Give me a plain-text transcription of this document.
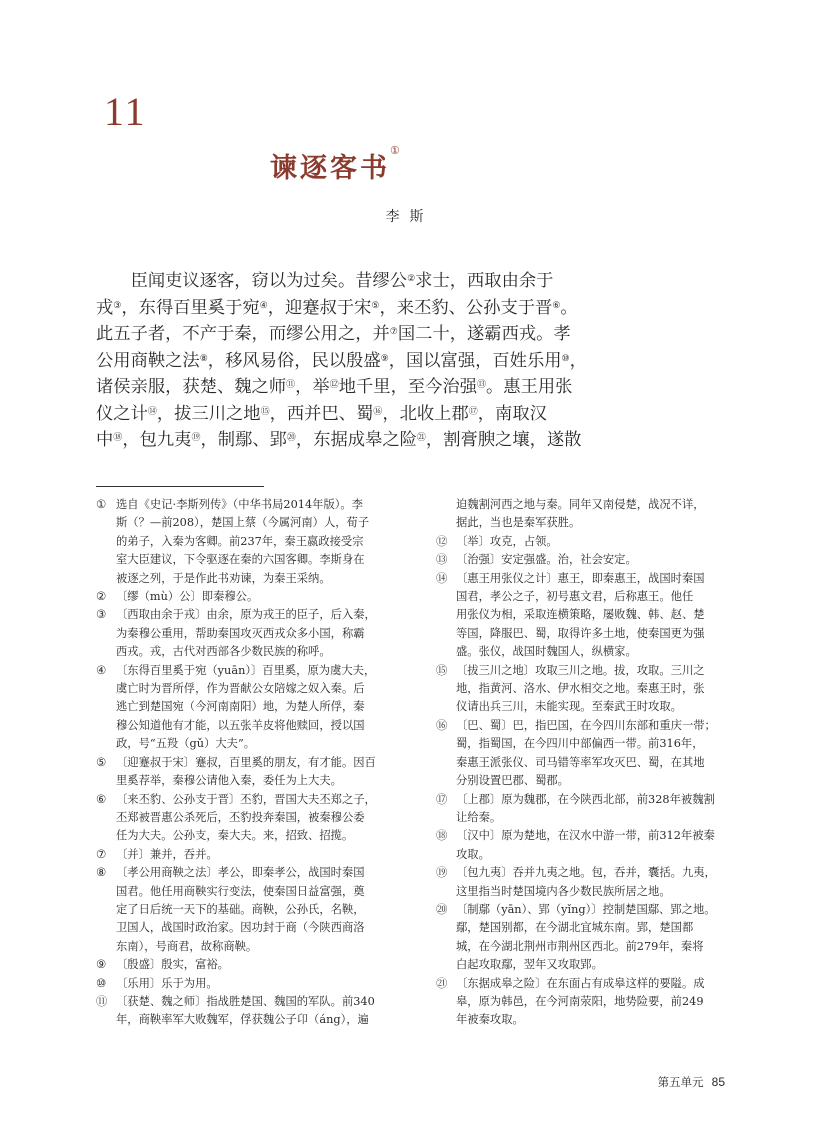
11
谏逐客书①
李斯

　　臣闻吏议逐客，窃以为过矣。昔缪公②求士，西取由余于
戎③，东得百里奚于宛④，迎蹇叔于宋⑤，来丕豹、公孙支于晋⑥。
此五子者，不产于秦，而缪公用之，并⑦国二十，遂霸西戎。孝
公用商鞅之法⑧，移风易俗，民以殷盛⑨，国以富强，百姓乐用⑩，
诸侯亲服，获楚、魏之师⑪，举⑫地千里，至今治强⑬。惠王用张
仪之计⑭，拔三川之地⑮，西并巴、蜀⑯，北收上郡⑰，南取汉
中⑱，包九夷⑲，制鄢、郢⑳，东据成皋之险$^㉑$，割膏腴之壤，遂散

① 选自《史记·李斯列传》（中华书局2014年版）。李
斯（？—前208），楚国上蔡（今属河南）人，荀子
的弟子，入秦为客卿。前237年，秦王嬴政接受宗
室大臣建议，下令驱逐在秦的六国客卿。李斯身在
被逐之列，于是作此书劝谏，为秦王采纳。
② 〔缪（mù）公〕即秦穆公。
③ 〔西取由余于戎〕由余，原为戎王的臣子，后入秦，
为秦穆公重用，帮助秦国攻灭西戎众多小国，称霸
西戎。戎，古代对西部各少数民族的称呼。
④ 〔东得百里奚于宛（yuān）〕百里奚，原为虞大夫，
虞亡时为晋所俘，作为晋献公女陪嫁之奴入秦。后
逃亡到楚国宛（今河南南阳）地，为楚人所俘，秦
穆公知道他有才能，以五张羊皮将他赎回，授以国
政，号“五羖（gǔ）大夫”。
⑤ 〔迎蹇叔于宋〕蹇叔，百里奚的朋友，有才能。因百
里奚荐举，秦穆公请他入秦，委任为上大夫。
⑥ 〔来丕豹、公孙支于晋〕丕豹，晋国大夫丕郑之子，
丕郑被晋惠公杀死后，丕豹投奔秦国，被秦穆公委
任为大夫。公孙支，秦大夫。来，招致、招揽。
⑦ 〔并〕兼并，吞并。
⑧ 〔孝公用商鞅之法〕孝公，即秦孝公，战国时秦国
国君。他任用商鞅实行变法，使秦国日益富强，奠
定了日后统一天下的基础。商鞅，公孙氏，名鞅，
卫国人，战国时政治家。因功封于商（今陕西商洛
东南），号商君，故称商鞅。
⑨ 〔殷盛〕殷实，富裕。
⑩ 〔乐用〕乐于为用。
⑪ 〔获楚、魏之师〕指战胜楚国、魏国的军队。前340
年，商鞅率军大败魏军，俘获魏公子卬（áng），遍
迫魏割河西之地与秦。同年又南侵楚，战况不详，
据此，当也是秦军获胜。
⑫ 〔举〕攻克，占领。
⑬ 〔治强〕安定强盛。治，社会安定。
⑭ 〔惠王用张仪之计〕惠王，即秦惠王，战国时秦国
国君，孝公之子，初号惠文君，后称惠王。他任
用张仪为相，采取连横策略，屡败魏、韩、赵、楚
等国，降服巴、蜀，取得许多土地，使秦国更为强
盛。张仪，战国时魏国人，纵横家。
⑮ 〔拔三川之地〕攻取三川之地。拔，攻取。三川之
地，指黄河、洛水、伊水相交之地。秦惠王时，张
仪请出兵三川，未能实现。至秦武王时攻取。
⑯ 〔巴、蜀〕巴，指巴国，在今四川东部和重庆一带；
蜀，指蜀国，在今四川中部偏西一带。前316年，
秦惠王派张仪、司马错等率军攻灭巴、蜀，在其地
分别设置巴郡、蜀郡。
⑰ 〔上郡〕原为魏郡，在今陕西北部，前328年被魏割
让给秦。
⑱ 〔汉中〕原为楚地，在汉水中游一带，前312年被秦
攻取。
⑲ 〔包九夷〕吞并九夷之地。包，吞并，囊括。九夷，
这里指当时楚国境内各少数民族所居之地。
⑳ 〔制鄢（yān）、郢（yǐng）〕控制楚国鄢、郢之地。
鄢，楚国别都，在今湖北宜城东南。郢，楚国都
城，在今湖北荆州市荆州区西北。前279年，秦将
白起攻取鄢，翌年又攻取郢。
㉑ 〔东据成皋之险〕在东面占有成皋这样的要隘。成
皋，原为韩邑，在今河南荥阳，地势险要，前249
年被秦攻取。
第五单元 85
